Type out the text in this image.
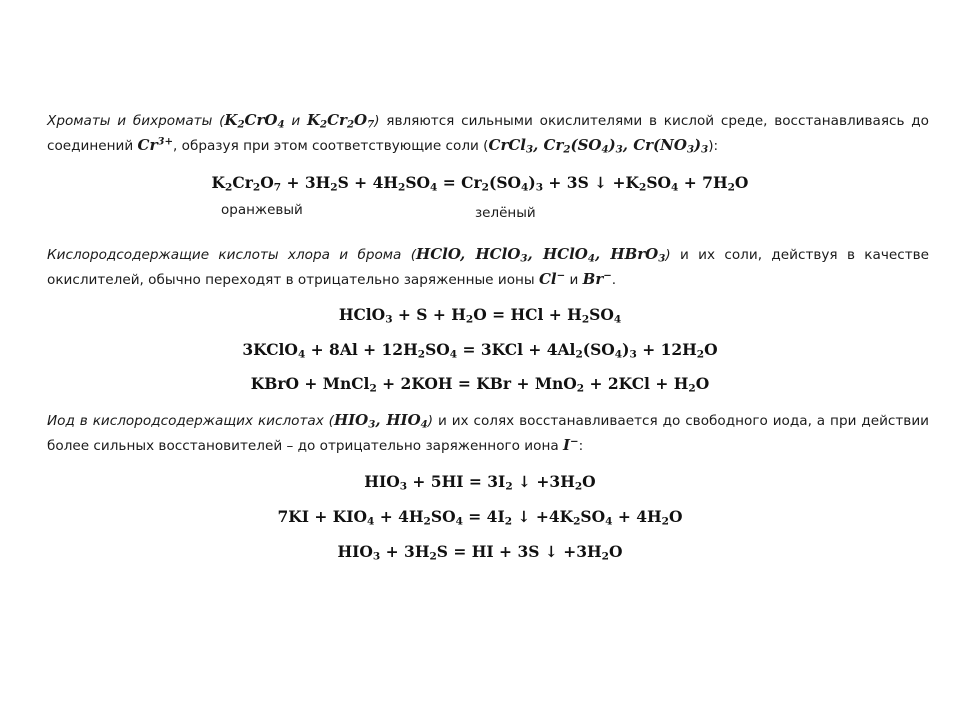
Хроматы и бихроматы ($K_2CrO_4$ и $K_2Cr_2O_7$) являются сильными окислителями в кислой среде, восстанавливаясь до соединений $Cr^{3+}$, образуя при этом соответствующие соли (CrCl$_3$, $Cr_2(SO_4)_3$, $Cr(NO_3)_3$):
$K_2Cr_2O_7 + 3H_2S + 4H_2SO_4 = Cr_2(SO_4)_3 + 3S$ ↓ $+K_2SO_4 + 7H_2O$
оранжевый	зелёный
Кислородсодержащие кислоты хлора и брома (HClO, HClO$_3$, HClO$_4$, HBrO$_3$) и их соли, действуя в качестве окислителей, обычно переходят в отрицательно заряженные ионы Cl− и Br−.
HClO$_3$ + $S + H_2O$ = HCl + $H_2SO_4$
3KClO$_4$ + $8Al + 12H_2SO_4 = 3KCl + 4Al_2(SO_4)_3 + 12H_2O$
KBrO + MnCl$_2$ + 2KOH = KBr + $MnO_2 + 2KCl + H_2O$
Иод в кислородсодержащих кислотах ($HIO_3$, $HIO_4$) и их солях восстанавливается до свободного иода, а при действии более сильных восстановителей – до отрицательно заряженного иона I−:
$HIO_3 + 5HI = 3I_2$ ↓ $+3H_2O$
$7KI + KIO_4 + 4H_2SO_4 = 4I_2$ ↓ $+4K_2SO_4 + 4H_2O$
$HIO_3 + 3H_2S$ = HI + 3S ↓ $+3H_2O$
